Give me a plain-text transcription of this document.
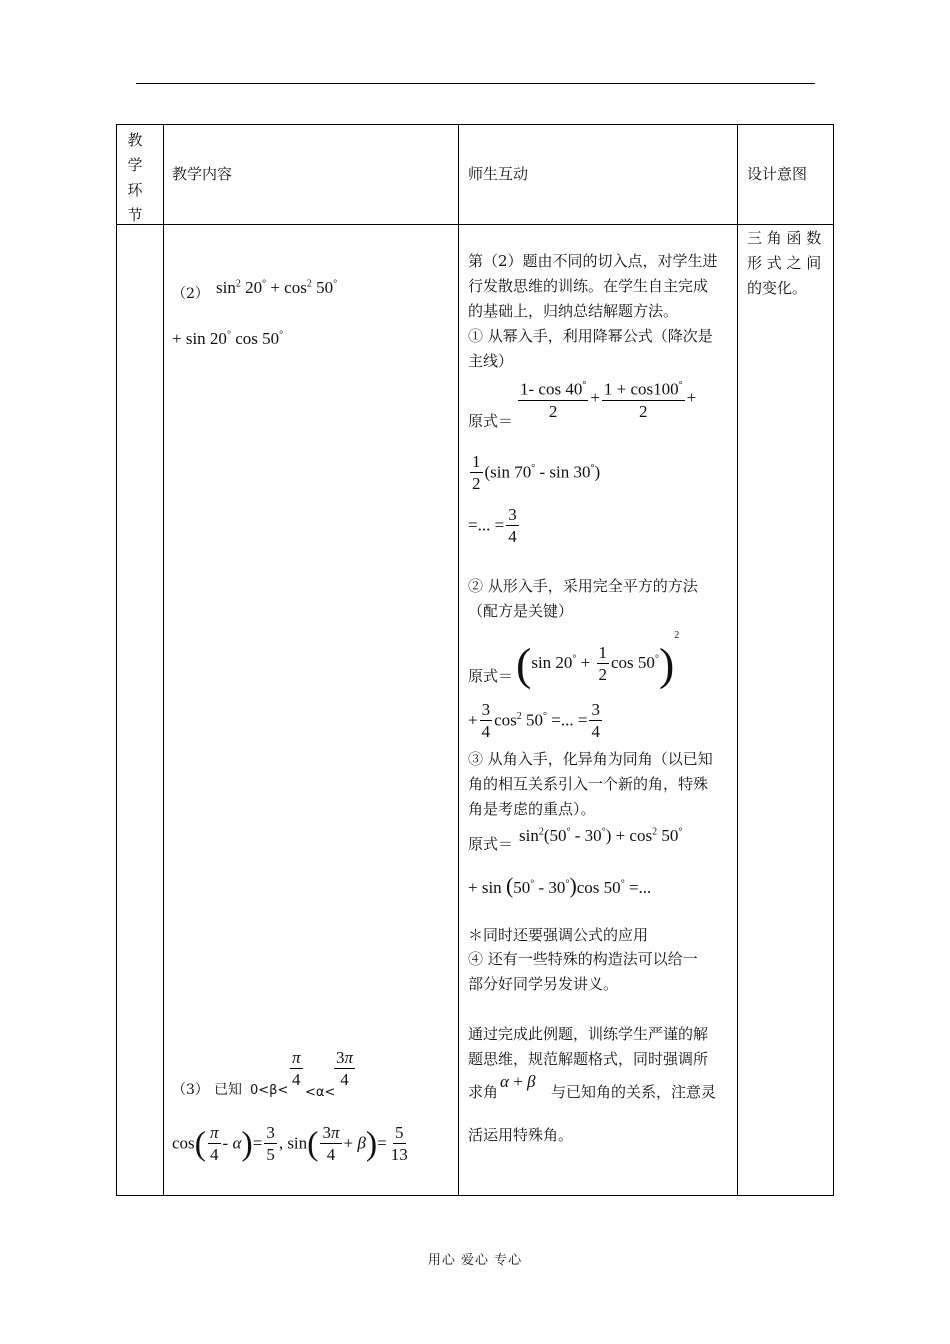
教
学
环
节
教学内容	师生互动	设计意图
（2） $\sin^2 20^\circ + \cos^2 50^\circ$
+ sin 20° cos 50°
$\frac{\pi}{4} \frac{3\pi}{4}$
（3） 已知 0<β< <α<
$\cos( \frac{\pi}{4} - \alpha)= \frac{3}{5}$ , $\sin( \frac{3\pi}{4} + \beta)= \frac{5}{13}$
第（2）题由不同的切入点，对学生进
行发散思维的训练。在学生自主完成
的基础上，归纳总结解题方法。
① 从幂入手，利用降幂公式（降次是
主线）
原式＝ $\frac{1- \cos 40^\circ}{2} + \frac{1 + \cos 100^\circ}{2}$ +
$\frac{1}{2} (\sin$ 70° - sin 30°)
=... = $\frac{3}{4}$
② 从形入手，采用完全平方的方法
（配方是关键）
原式＝ (sin $20^\circ + \frac{1}{2}$ cos 50°)$^2$
+ $\frac{3}{4} \cos^2 50^\circ$ =... = $\frac{3}{4}$
③ 从角入手，化异角为同角（以已知
角的相互关系引入一个新的角，特殊
角是考虑的重点）。
原式＝ $\sin^2(50^\circ - 30^\circ) + \cos^2 50^\circ$
+ sin (50° - 30°)cos 50° =...
＊同时还要强调公式的应用
④ 还有一些特殊的构造法可以给一
部分好同学另发讲义。
通过完成此例题，训练学生严谨的解
题思维，规范解题格式，同时强调所
求角
α + β
与已知角的关系，注意灵
活运用特殊角。
三 角 函 数
形 式 之 间
的变化。
用心 爱心 专心
